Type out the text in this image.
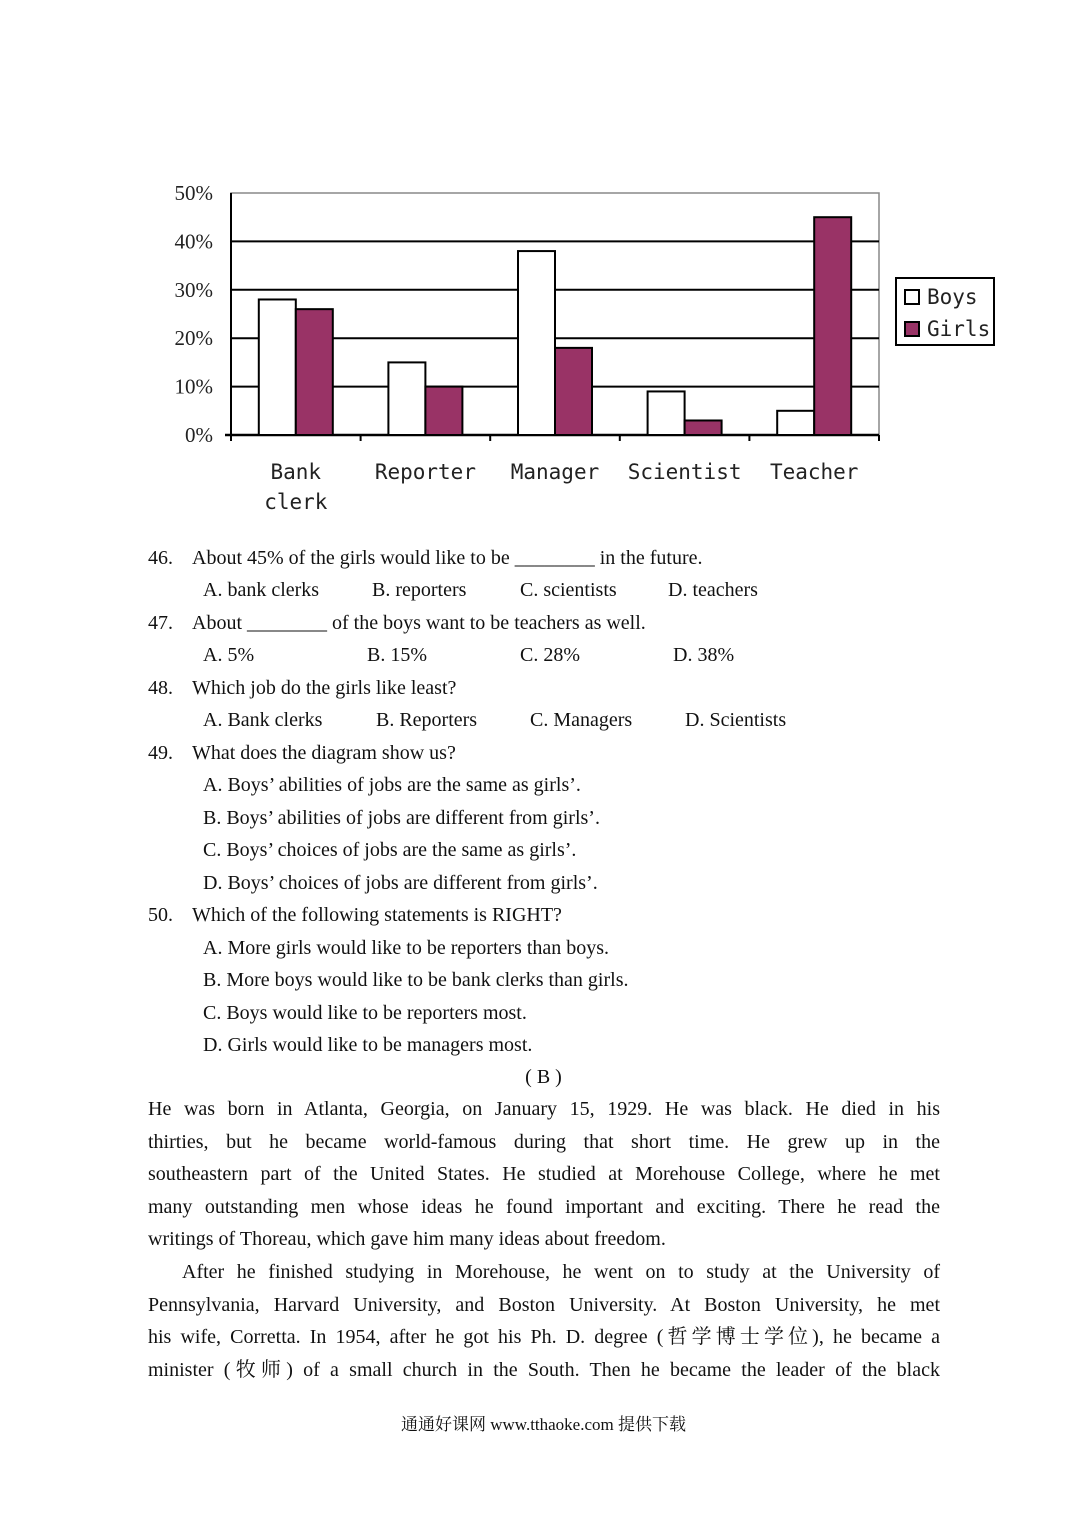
0%
10%
20%
30%
40%
50%
Bank
clerk
Reporter Manager Scientist Teacher
Boys
Girls
46. About 45% of the girls would like to be ________ in the future.
A. bank clerks	B. reporters	C. scientists	D. teachers
47. About ________ of the boys want to be teachers as well.
A. 5%	B. 15%	C. 28%	D. 38%
48. Which job do the girls like least?
A. Bank clerks	B. Reporters	C. Managers	D. Scientists
49. What does the diagram show us?
A. Boys’ abilities of jobs are the same as girls’.
B. Boys’ abilities of jobs are different from girls’.
C. Boys’ choices of jobs are the same as girls’.
D. Boys’ choices of jobs are different from girls’.
50. Which of the following statements is RIGHT?
A. More girls would like to be reporters than boys.
B. More boys would like to be bank clerks than girls.
C. Boys would like to be reporters most.
D. Girls would like to be managers most.
( B )
He was born in Atlanta, Georgia, on January 15, 1929. He was black. He died in his
thirties, but he became world-famous during that short time. He grew up in the
southeastern part of the United States. He studied at Morehouse College, where he met
many outstanding men whose ideas he found important and exciting. There he read the
writings of Thoreau, which gave him many ideas about freedom.
After he finished studying in Morehouse, he went on to study at the University of
Pennsylvania, Harvard University, and Boston University. At Boston University, he met
his wife, Corretta. In 1954, after he got his Ph. D. degree (哲学博士学位), he became a
minister (牧师) of a small church in the South. Then he became the leader of the black
通通好课网 www.tthaoke.com 提供下载
